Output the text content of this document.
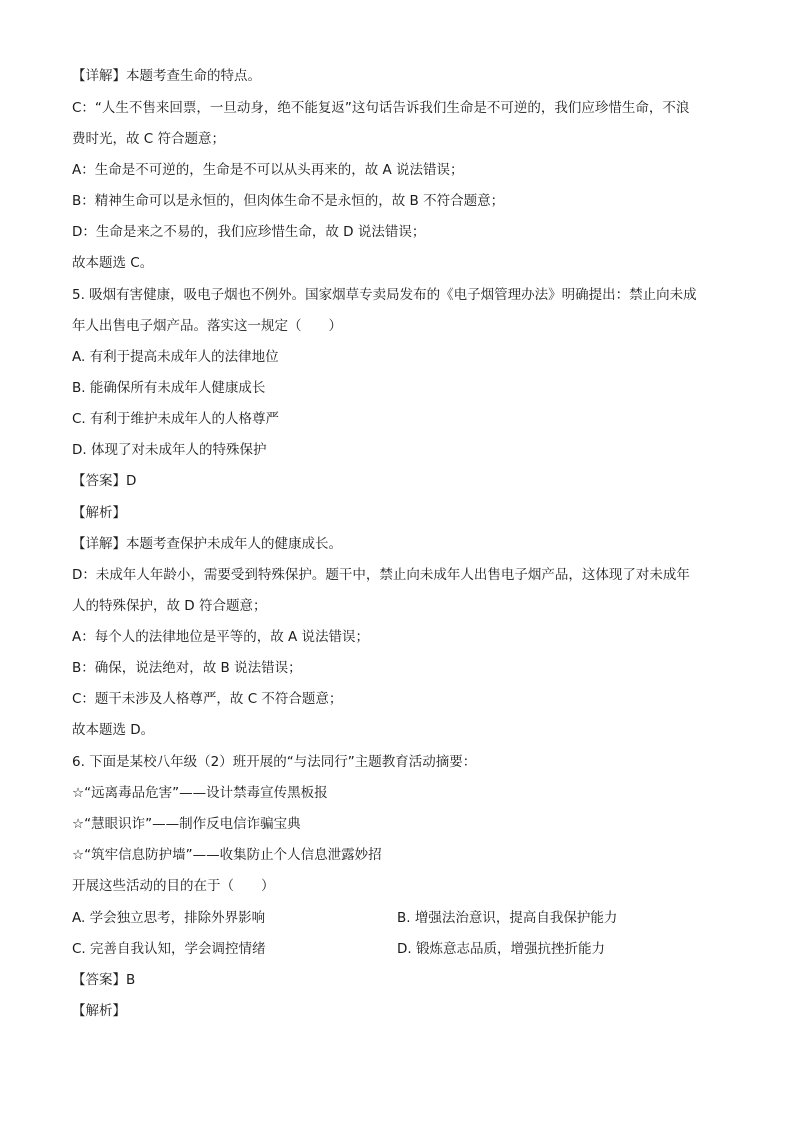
【详解】本题考查生命的特点。
C：“人生不售来回票，一旦动身，绝不能复返”这句话告诉我们生命是不可逆的，我们应珍惜生命，不浪
费时光，故 C 符合题意；
A：生命是不可逆的，生命是不可以从头再来的，故 A 说法错误；
B：精神生命可以是永恒的，但肉体生命不是永恒的，故 B 不符合题意；
D：生命是来之不易的，我们应珍惜生命，故 D 说法错误；
故本题选 C。
5. 吸烟有害健康，吸电子烟也不例外。国家烟草专卖局发布的《电子烟管理办法》明确提出：禁止向未成
年人出售电子烟产品。落实这一规定（　　）
A. 有利于提高未成年人的法律地位
B. 能确保所有未成年人健康成长
C. 有利于维护未成年人的人格尊严
D. 体现了对未成年人的特殊保护
【答案】D
【解析】
【详解】本题考查保护未成年人的健康成长。
D：未成年人年龄小，需要受到特殊保护。题干中，禁止向未成年人出售电子烟产品，这体现了对未成年
人的特殊保护，故 D 符合题意；
A：每个人的法律地位是平等的，故 A 说法错误；
B：确保，说法绝对，故 B 说法错误；
C：题干未涉及人格尊严，故 C 不符合题意；
故本题选 D。
6. 下面是某校八年级（2）班开展的“与法同行”主题教育活动摘要：
☆“远离毒品危害”——设计禁毒宣传黑板报
☆“慧眼识诈”——制作反电信诈骗宝典
☆“筑牢信息防护墙”——收集防止个人信息泄露妙招
开展这些活动的目的在于（　　）
A. 学会独立思考，排除外界影响	B. 增强法治意识，提高自我保护能力
C. 完善自我认知，学会调控情绪	D. 锻炼意志品质，增强抗挫折能力
【答案】B
【解析】
